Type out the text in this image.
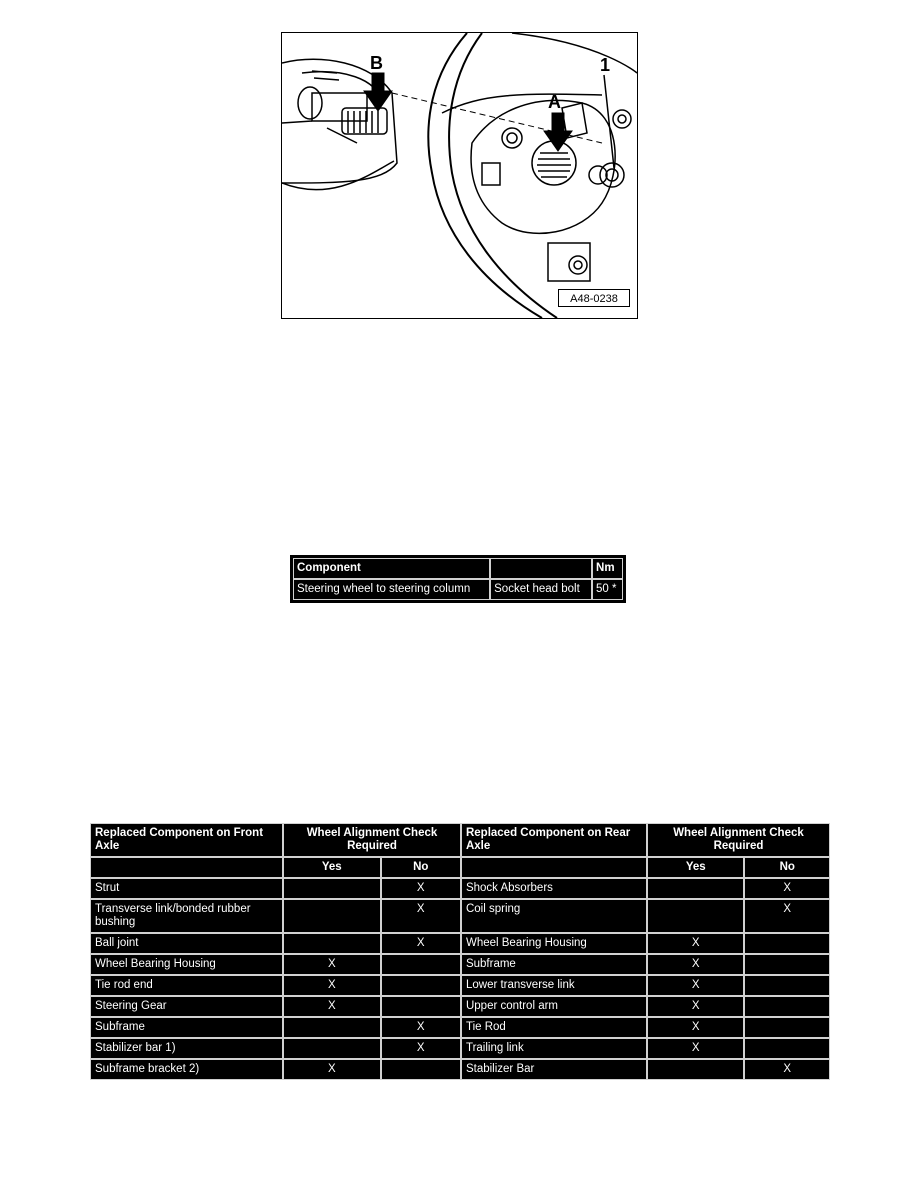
B
A
1
A48-0238
Component		Nm
Steering wheel to steering column	Socket head bolt	50 *
Replaced Component on Front Axle	Wheel Alignment Check Required		Replaced Component on Rear Axle	Wheel Alignment Check Required	
	Yes	No		Yes	No
Strut		X	Shock Absorbers		X
Transverse link/bonded rubber bushing		X	Coil spring		X
Ball joint		X	Wheel Bearing Housing	X	
Wheel Bearing Housing	X		Subframe	X	
Tie rod end	X		Lower transverse link	X	
Steering Gear	X		Upper control arm	X	
Subframe		X	Tie Rod	X	
Stabilizer bar 1)		X	Trailing link	X	
Subframe bracket 2)	X		Stabilizer Bar		X
